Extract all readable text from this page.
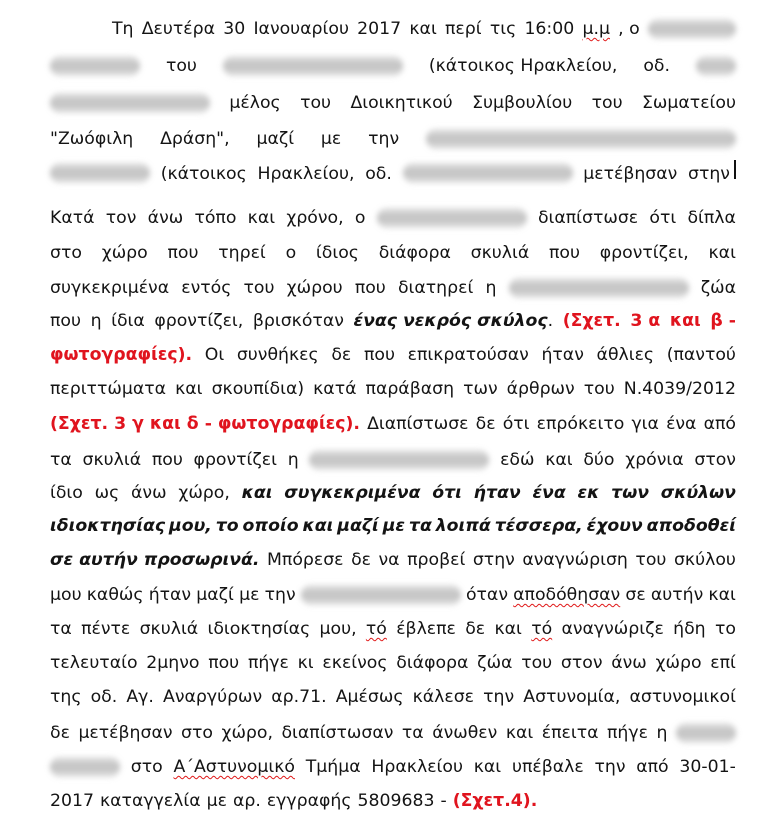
Τη Δευτέρα 30 Ιανουαρίου 2017 και περί τις 16:00 μ.μ , ο
του	(κάτοικος Ηρακλείου, οδ.
μέλος του Διοικητικού Συμβουλίου του Σωματείου
"Ζωόφιλη Δράση", μαζί με την
(κάτοικος Ηρακλείου, οδ.	μετέβησαν στην
Κατά τον άνω τόπο και χρόνο, ο	διαπίστωσε ότι δίπλα
στο χώρο που τηρεί ο ίδιος διάφορα σκυλιά που φροντίζει, και
συγκεκριμένα εντός του χώρου που διατηρεί η	ζώα
που η ίδια φροντίζει, βρισκόταν ένας νεκρός σκύλος. (Σχετ. 3 α και β -
φωτογραφίες). Οι συνθήκες δε που επικρατούσαν ήταν άθλιες (παντού
περιττώματα και σκουπίδια) κατά παράβαση των άρθρων του Ν.4039/2012
(Σχετ. 3 γ και δ - φωτογραφίες). Διαπίστωσε δε ότι επρόκειτο για ένα από
τα σκυλιά που φροντίζει η	εδώ και δύο χρόνια στον
ίδιο ως άνω χώρο, και συγκεκριμένα ότι ήταν ένα εκ των σκύλων
ιδιοκτησίας μου, το οποίο και μαζί με τα λοιπά τέσσερα, έχουν αποδοθεί
σε αυτήν προσωρινά. Μπόρεσε δε να προβεί στην αναγνώριση του σκύλου
μου καθώς ήταν μαζί με την	όταν αποδόθησαν σε αυτήν και
τα πέντε σκυλιά ιδιοκτησίας μου, τό έβλεπε δε και τό αναγνώριζε ήδη το
τελευταίο 2μηνο που πήγε κι εκείνος διάφορα ζώα του στον άνω χώρο επί
της οδ. Αγ. Αναργύρων αρ.71. Αμέσως κάλεσε την Αστυνομία, αστυνομικοί
δε μετέβησαν στο χώρο, διαπίστωσαν τα άνωθεν και έπειτα πήγε η
στο Α΄Αστυνομικό Τμήμα Ηρακλείου και υπέβαλε την από 30-01-
2017 καταγγελία με αρ. εγγραφής 5809683 - (Σχετ.4).
